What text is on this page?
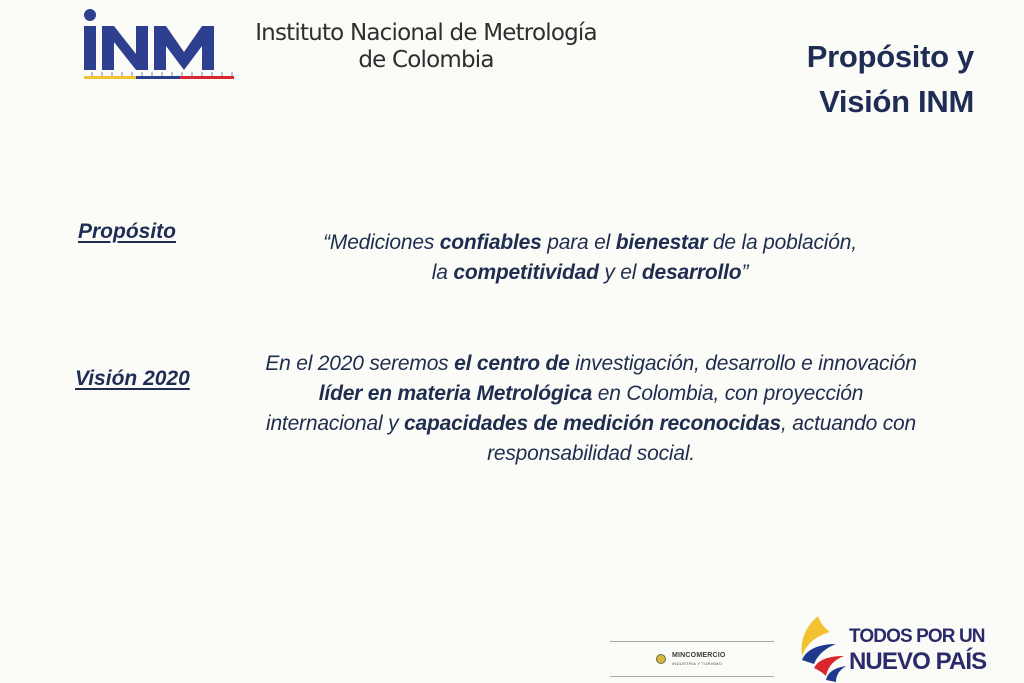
Instituto Nacional de Metrología
de Colombia	Propósito y
Visión INM
Propósito	“Mediciones confiables para el bienestar de la población,
la competitividad y el desarrollo”
Visión 2020
En el 2020 seremos el centro de investigación, desarrollo e innovación
líder en materia Metrológica en Colombia, con proyección
internacional y capacidades de medición reconocidas, actuando con
responsabilidad social.
MINCOMERCIO
INDUSTRIA Y TURISMO
TODOS POR UN
NUEVO PAÍS
